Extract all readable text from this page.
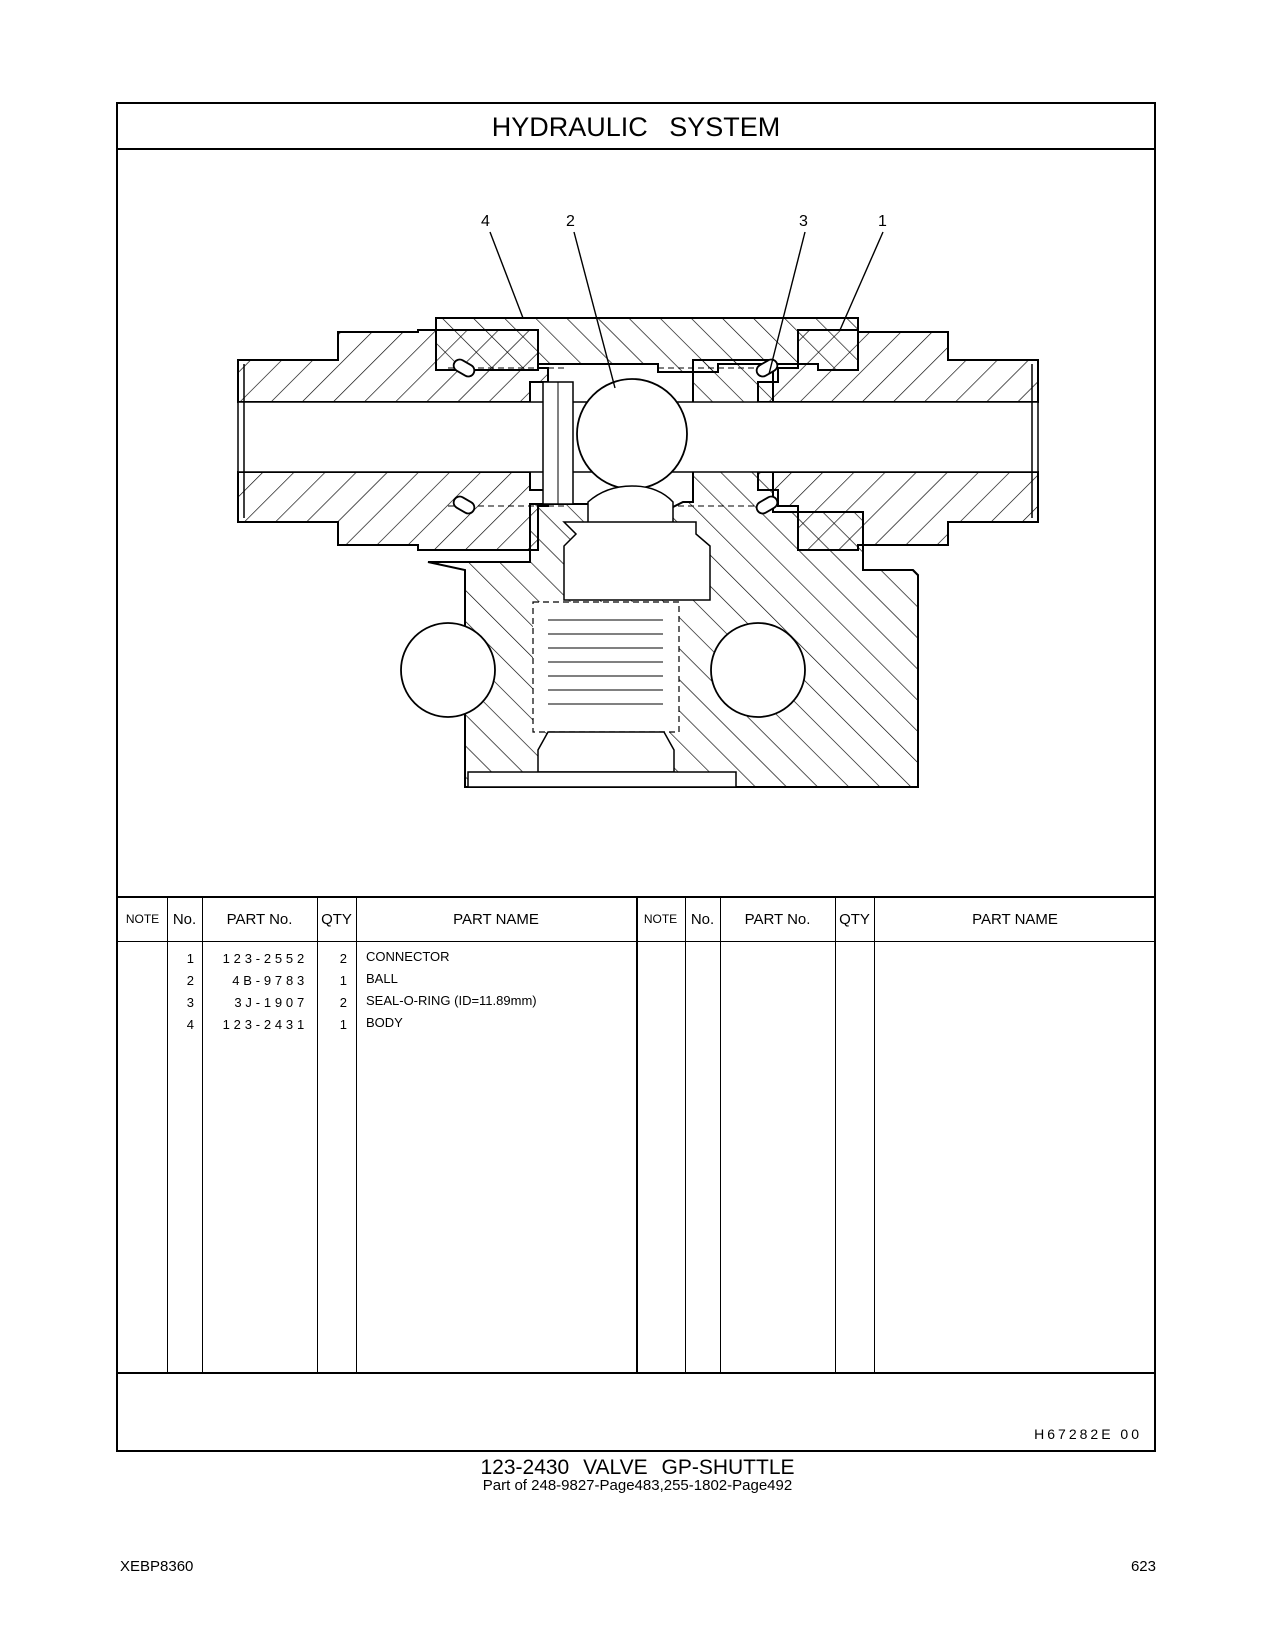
HYDRAULIC SYSTEM
4	2	3	1
NOTE No.	PART No.	QTY	PART NAME	NOTE No.	PART No.	QTY	PART NAME
1	123-2552	2 CONNECTOR
2	4B-9783	1 BALL
3	3J-1907	2 SEAL-O-RING (ID=11.89mm)
4	123-2431	1 BODY
H67282E 00
123-2430 VALVE GP-SHUTTLE
Part of 248-9827-Page483,255-1802-Page492
XEBP8360	623
